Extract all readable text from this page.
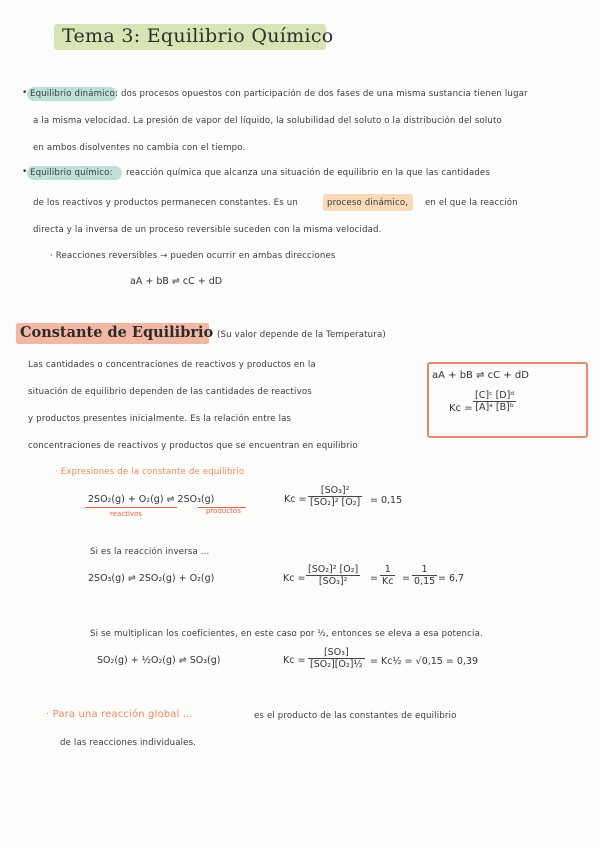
Tema 3: Equilibrio Químico
• Equilibrio dinámico: dos procesos opuestos con participación de dos fases de una misma sustancia tienen lugar
a la misma velocidad. La presión de vapor del líquido, la solubilidad del soluto o la distribución del soluto
en ambos disolventes no cambia con el tiempo.
• Equilibrio químico: reacción química que alcanza una situación de equilibrio en la que las cantidades
de los reactivos y productos permanecen constantes. Es un	proceso dinámico, en el que la reacción
directa y la inversa de un proceso reversible suceden con la misma velocidad.
· Reacciones reversibles → pueden ocurrir en ambas direcciones
aA + bB ⇌ cC + dD
Constante de Equilibrio (Su valor depende de la Temperatura)
Las cantidades o concentraciones de reactivos y productos en la
situación de equilibrio dependen de las cantidades de reactivos
y productos presentes inicialmente. Es la relación entre las
concentraciones de reactivos y productos que se encuentran en equilibrio
aA + bB ⇌ cC + dD
$Kc = \frac{\text{[C]ᶜ [D]ᵈ}}{\text{[A]ᵃ [B]ᵇ}}$
· Expresiones de la constante de equilibrio
2SO₂(g) + O₂(g) ⇌ 2SO₃(g)
reactivos	productos
$Kc = \frac{\text{[SO₃]²}}{\text{[SO₂]² [O₂]}} = 0,15$
Si es la reacción inversa ...
2SO₃(g) ⇌ 2SO₂(g) + O₂(g)	$Kc = \frac{\text{[SO₂]² [O₂]}}{\text{[SO₃]²}} = \frac{1}{Kc} = \frac{1}{0,15} = 6,7$
Si se multiplican los coeficientes, en este caso por ½, entonces se eleva a esa potencia.
SO₂(g) + ½O₂(g) ⇌ SO₃(g)	$Kc = \frac{\text{[SO₃]}}{\text{[SO₂][O₂]½}}$ = Kc½ = √0,15 = 0,39
· Para una reacción global ...	es el producto de las constantes de equilibrio
de las reacciones individuales.
